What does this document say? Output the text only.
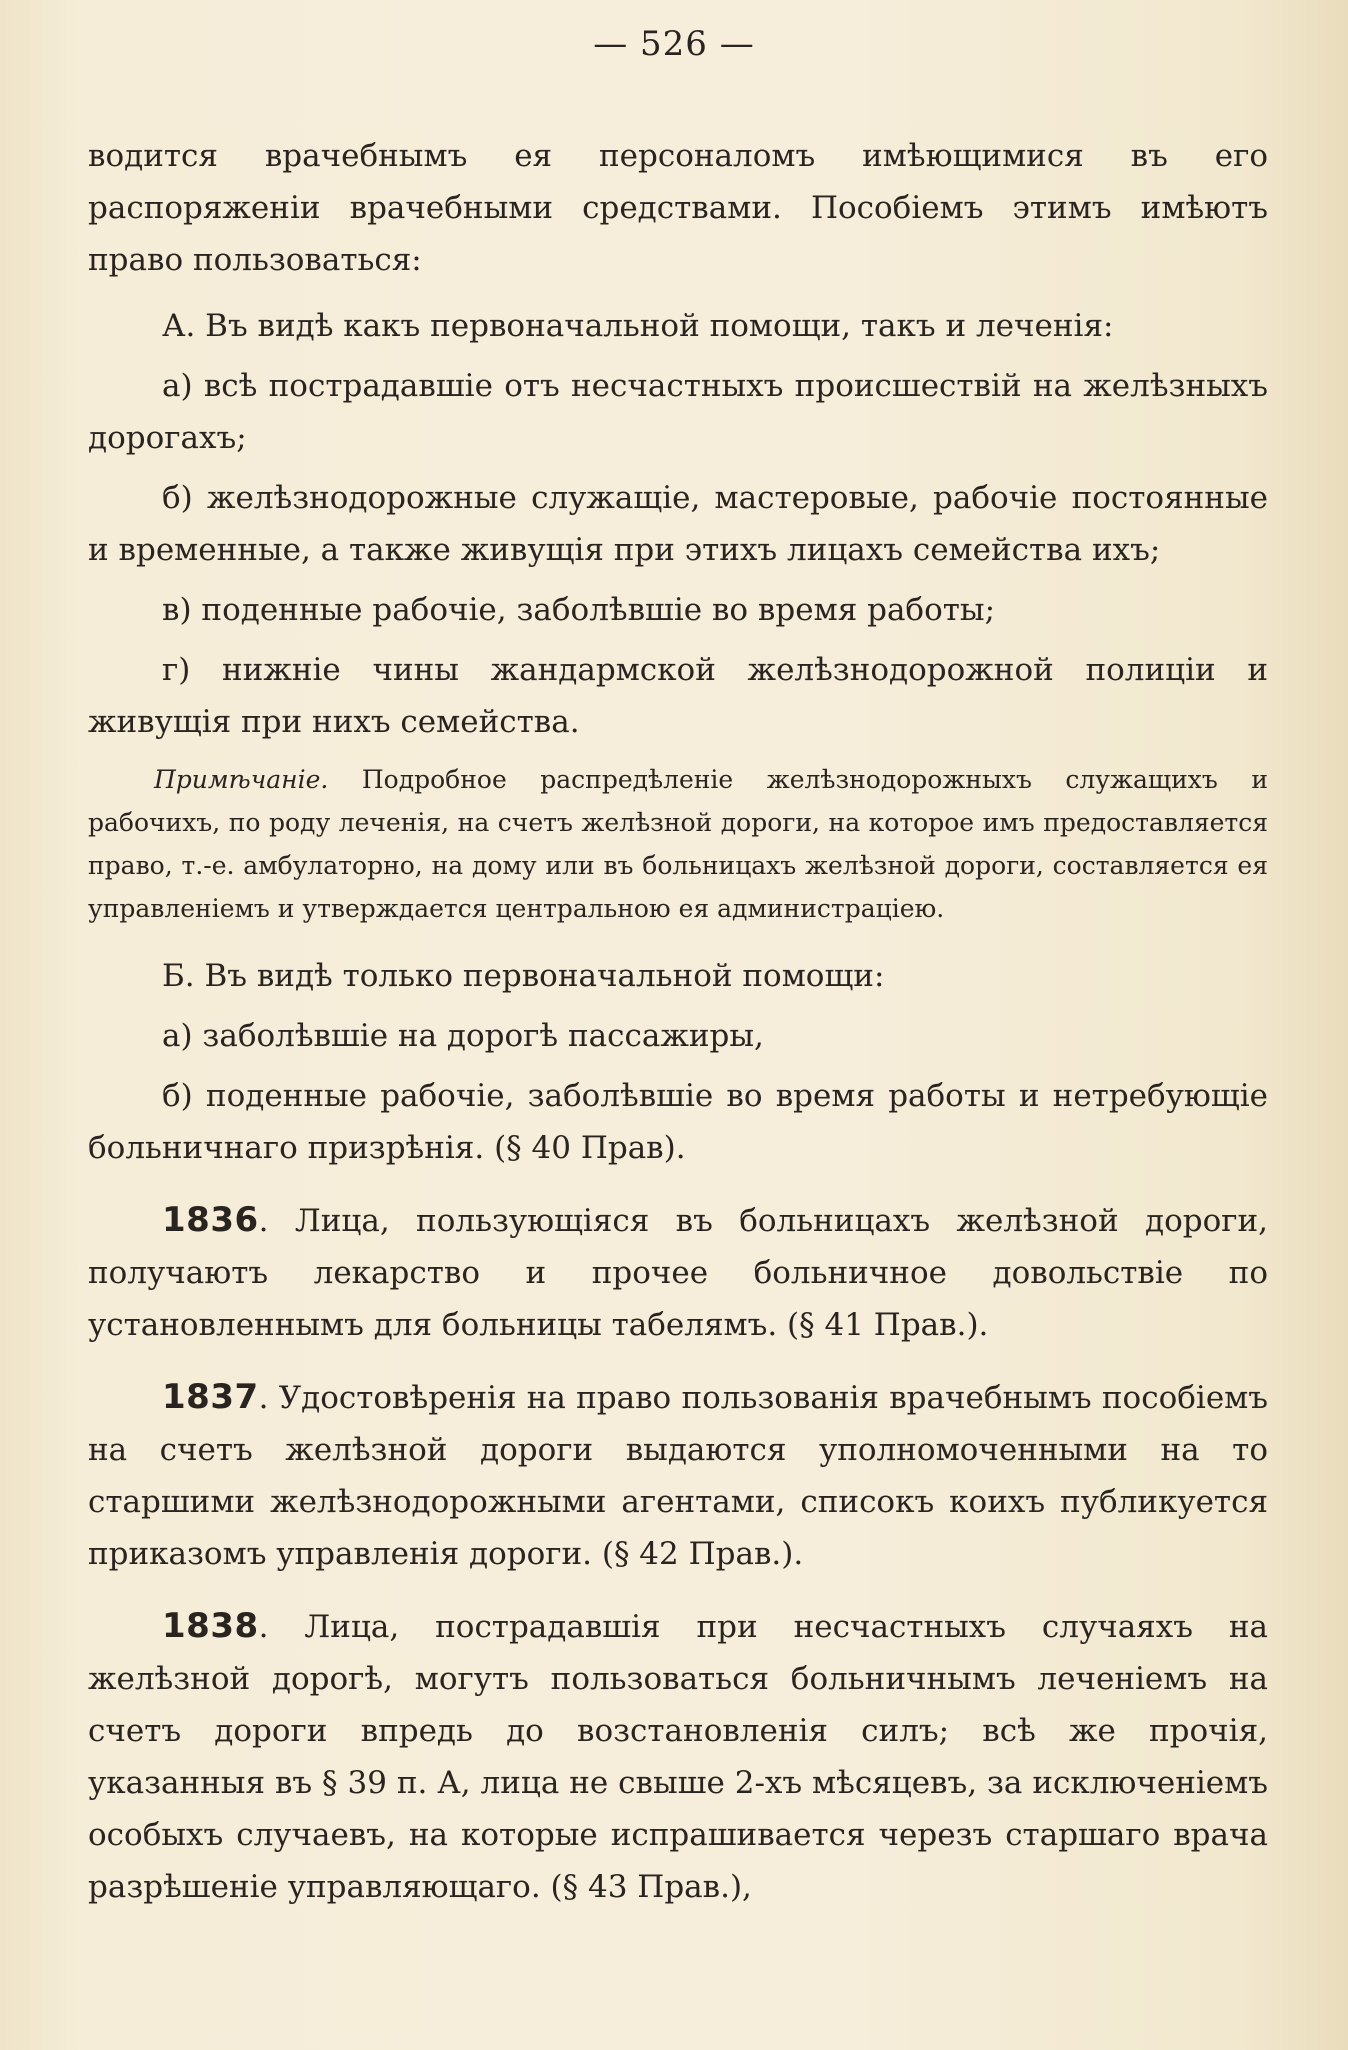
— 526 —

водится врачебнымъ ея персоналомъ имѣющимися въ его распоряженіи врачебными средствами. Пособіемъ этимъ имѣютъ право пользоваться:

А. Въ видѣ какъ первоначальной помощи, такъ и леченія:

а) всѣ пострадавшіе отъ несчастныхъ происшествій на желѣзныхъ дорогахъ;

б) желѣзнодорожные служащіе, мастеровые, рабочіе постоянные и временные, а также живущія при этихъ лицахъ семейства ихъ;

в) поденные рабочіе, заболѣвшіе во время работы;

г) нижніе чины жандармской желѣзнодорожной полиціи и живущія при нихъ семейства.

Примѣчаніе. Подробное распредѣленіе желѣзнодорожныхъ служащихъ и рабочихъ, по роду леченія, на счетъ желѣзной дороги, на которое имъ предоставляется право, т.-е. амбулаторно, на дому или въ больницахъ желѣзной дороги, составляется ея управленіемъ и утверждается центральною ея администраціею.

Б. Въ видѣ только первоначальной помощи:

а) заболѣвшіе на дорогѣ пассажиры,

б) поденные рабочіе, заболѣвшіе во время работы и нетребующіе больничнаго призрѣнія. (§ 40 Прав).

1836. Лица, пользующіяся въ больницахъ желѣзной дороги, получаютъ лекарство и прочее больничное довольствіе по установленнымъ для больницы табелямъ. (§ 41 Прав.).

1837. Удостовѣренія на право пользованія врачебнымъ пособіемъ на счетъ желѣзной дороги выдаются уполномоченными на то старшими желѣзнодорожными агентами, списокъ коихъ публикуется приказомъ управленія дороги. (§ 42 Прав.).

1838. Лица, пострадавшія при несчастныхъ случаяхъ на желѣзной дорогѣ, могутъ пользоваться больничнымъ леченіемъ на счетъ дороги впредь до возстановленія силъ; всѣ же прочія, указанныя въ § 39 п. А, лица не свыше 2-хъ мѣсяцевъ, за исключеніемъ особыхъ случаевъ, на которые испрашивается черезъ старшаго врача разрѣшеніе управляющаго. (§ 43 Прав.),
